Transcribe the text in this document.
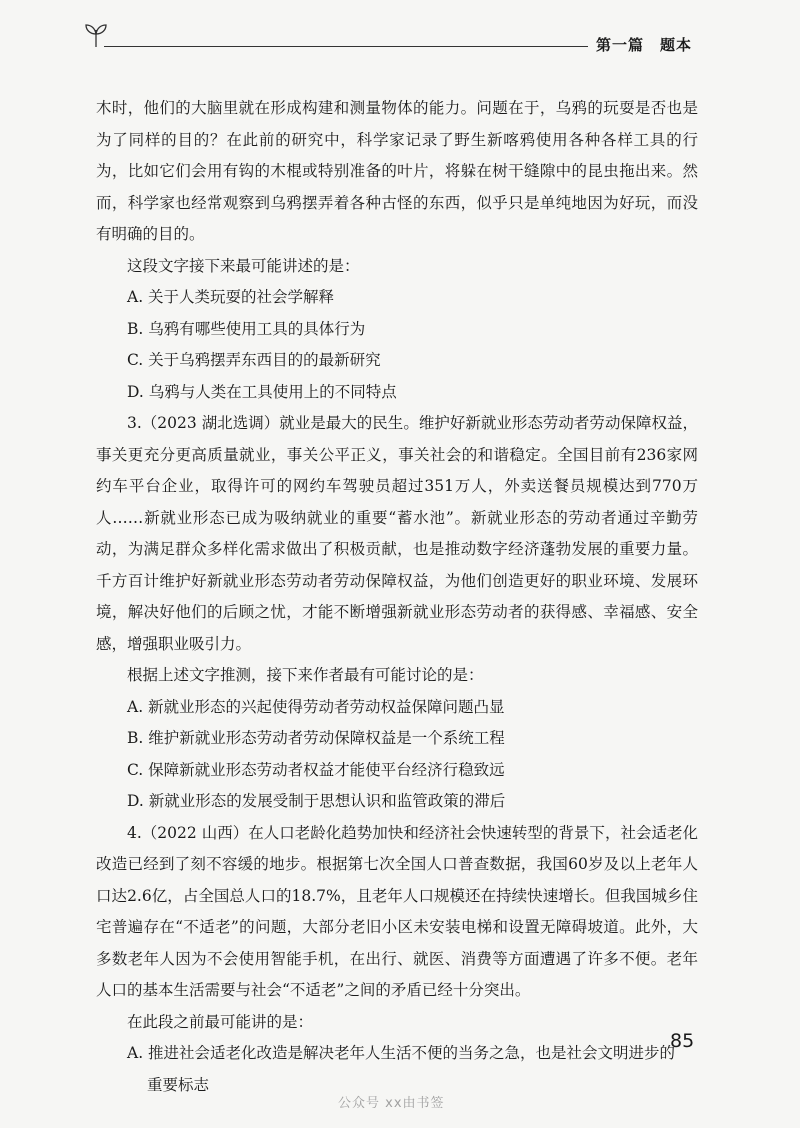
第一篇　题本

木时，他们的大脑里就在形成构建和测量物体的能力。问题在于，乌鸦的玩耍是否也是为了同样的目的？在此前的研究中，科学家记录了野生新喀鸦使用各种各样工具的行为，比如它们会用有钩的木棍或特别准备的叶片，将躲在树干缝隙中的昆虫拖出来。然而，科学家也经常观察到乌鸦摆弄着各种古怪的东西，似乎只是单纯地因为好玩，而没有明确的目的。

这段文字接下来最可能讲述的是：

A. 关于人类玩耍的社会学解释

B. 乌鸦有哪些使用工具的具体行为

C. 关于乌鸦摆弄东西目的的最新研究

D. 乌鸦与人类在工具使用上的不同特点

3.（2023 湖北选调）就业是最大的民生。维护好新就业形态劳动者劳动保障权益，事关更充分更高质量就业，事关公平正义，事关社会的和谐稳定。全国目前有236家网约车平台企业，取得许可的网约车驾驶员超过351万人，外卖送餐员规模达到770万人……新就业形态已成为吸纳就业的重要“蓄水池”。新就业形态的劳动者通过辛勤劳动，为满足群众多样化需求做出了积极贡献，也是推动数字经济蓬勃发展的重要力量。千方百计维护好新就业形态劳动者劳动保障权益，为他们创造更好的职业环境、发展环境，解决好他们的后顾之忧，才能不断增强新就业形态劳动者的获得感、幸福感、安全感，增强职业吸引力。

根据上述文字推测，接下来作者最有可能讨论的是：

A. 新就业形态的兴起使得劳动者劳动权益保障问题凸显

B. 维护新就业形态劳动者劳动保障权益是一个系统工程

C. 保障新就业形态劳动者权益才能使平台经济行稳致远

D. 新就业形态的发展受制于思想认识和监管政策的滞后

4.（2022 山西）在人口老龄化趋势加快和经济社会快速转型的背景下，社会适老化改造已经到了刻不容缓的地步。根据第七次全国人口普查数据，我国60岁及以上老年人口达2.6亿，占全国总人口的18.7%，且老年人口规模还在持续快速增长。但我国城乡住宅普遍存在“不适老”的问题，大部分老旧小区未安装电梯和设置无障碍坡道。此外，大多数老年人因为不会使用智能手机，在出行、就医、消费等方面遭遇了许多不便。老年人口的基本生活需要与社会“不适老”之间的矛盾已经十分突出。

在此段之前最可能讲的是：

A. 推进社会适老化改造是解决老年人生活不便的当务之急，也是社会文明进步的

重要标志

85
公众号 xx由书签
